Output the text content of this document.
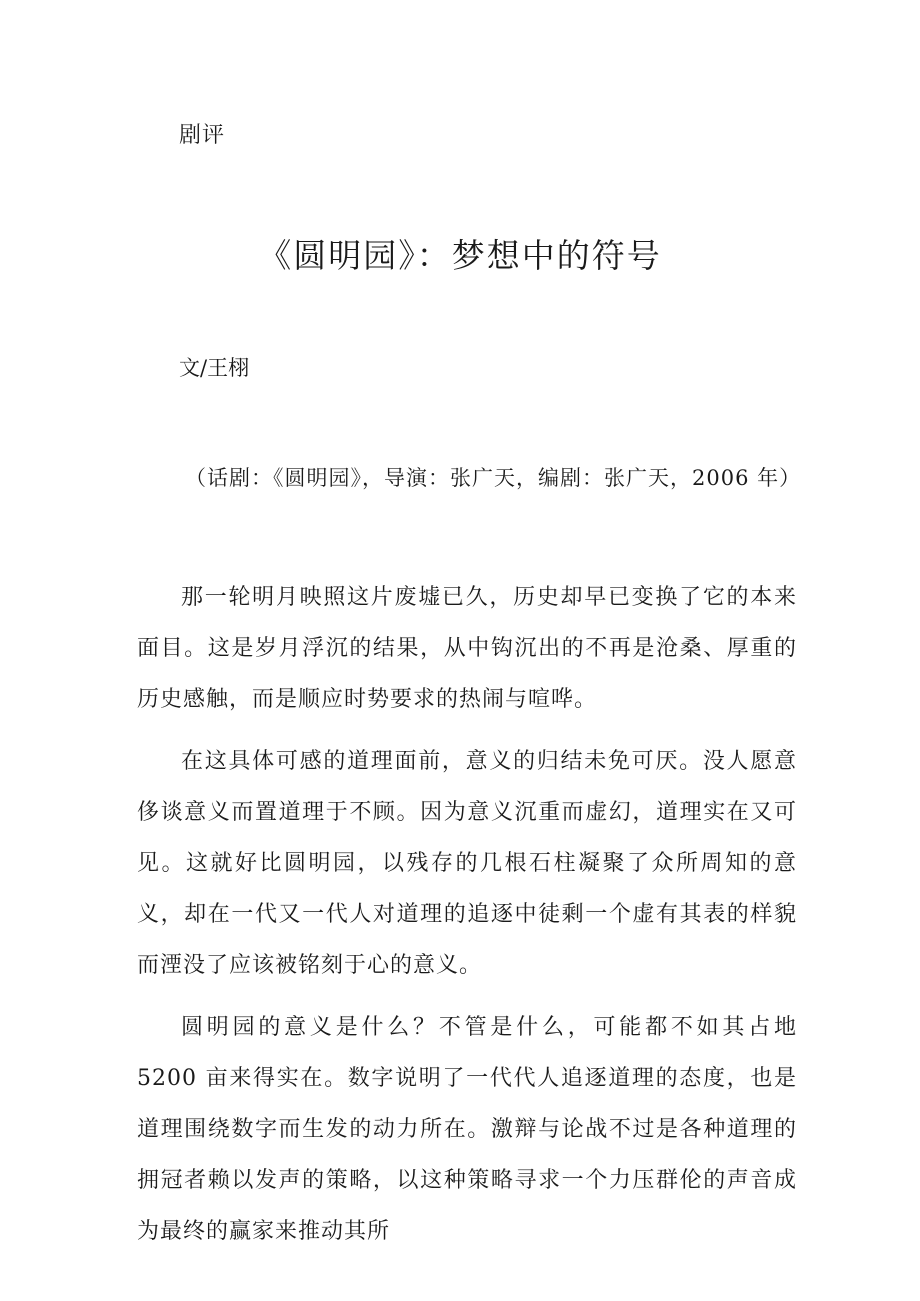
剧评
《圆明园》：梦想中的符号
文/王栩
（话剧：《圆明园》，导演：张广天，编剧：张广天，2006 年）

那一轮明月映照这片废墟已久，历史却早已变换了它的本来面目。这是岁月浮沉的结果，从中钩沉出的不再是沧桑、厚重的历史感触，而是顺应时势要求的热闹与喧哗。

在这具体可感的道理面前，意义的归结未免可厌。没人愿意侈谈意义而置道理于不顾。因为意义沉重而虚幻，道理实在又可见。这就好比圆明园，以残存的几根石柱凝聚了众所周知的意义，却在一代又一代人对道理的追逐中徒剩一个虚有其表的样貌而湮没了应该被铭刻于心的意义。

圆明园的意义是什么？不管是什么，可能都不如其占地 5200 亩来得实在。数字说明了一代代人追逐道理的态度，也是道理围绕数字而生发的动力所在。激辩与论战不过是各种道理的拥冠者赖以发声的策略，以这种策略寻求一个力压群伦的声音成为最终的赢家来推动其所
